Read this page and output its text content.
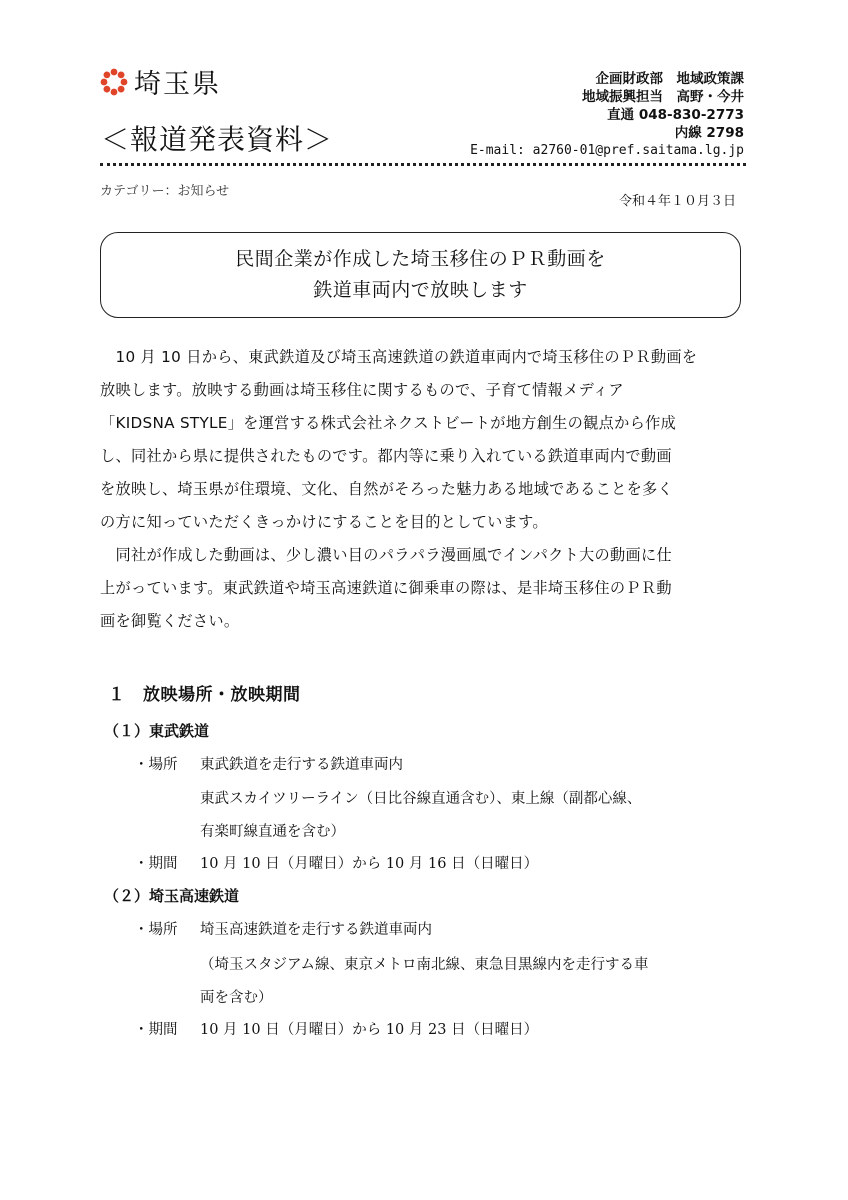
埼玉県
＜報道発表資料＞
企画財政部　地域政策課
地域振興担当　高野・今井
直通 048-830-2773
内線 2798
E-mail: a2760-01@pref.saitama.lg.jp
カテゴリー：お知らせ
令和４年１０月３日
民間企業が作成した埼玉移住のＰＲ動画を
鉄道車両内で放映します

　10 月 10 日から、東武鉄道及び埼玉高速鉄道の鉄道車両内で埼玉移住のＰＲ動画を

放映します。放映する動画は埼玉移住に関するもので、子育て情報メディア

「KIDSNA STYLE」を運営する株式会社ネクストビートが地方創生の観点から作成

し、同社から県に提供されたものです。都内等に乗り入れている鉄道車両内で動画

を放映し、埼玉県が住環境、文化、自然がそろった魅力ある地域であることを多く

の方に知っていただくきっかけにすることを目的としています。

　同社が作成した動画は、少し濃い目のパラパラ漫画風でインパクト大の動画に仕

上がっています。東武鉄道や埼玉高速鉄道に御乗車の際は、是非埼玉移住のＰＲ動

画を御覧ください。

１　放映場所・放映期間
（１）東武鉄道
・場所	東武鉄道を走行する鉄道車両内
東武スカイツリーライン（日比谷線直通含む）、東上線（副都心線、
有楽町線直通を含む）
・期間	10 月 10 日（月曜日）から 10 月 16 日（日曜日）
（２）埼玉高速鉄道
・場所	埼玉高速鉄道を走行する鉄道車両内
（埼玉スタジアム線、東京メトロ南北線、東急目黒線内を走行する車
両を含む）
・期間	10 月 10 日（月曜日）から 10 月 23 日（日曜日）
